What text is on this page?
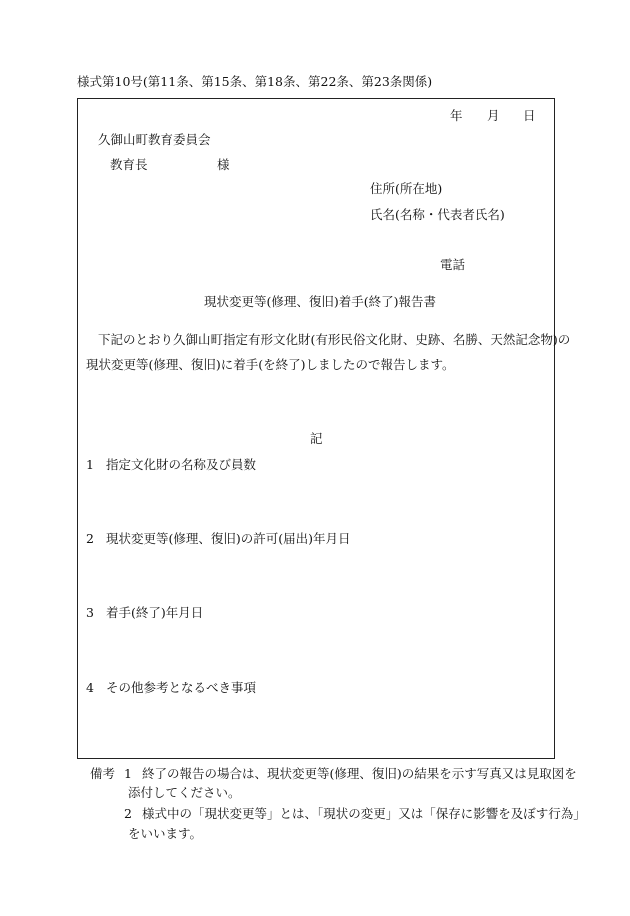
様式第10号(第11条、第15条、第18条、第22条、第23条関係)
年 月 日
久御山町教育委員会
教育長	様
住所(所在地)
氏名(名称・代表者氏名)
電話
現状変更等(修理、復旧)着手(終了)報告書
下記のとおり久御山町指定有形文化財(有形民俗文化財、史跡、名勝、天然記念物)の
現状変更等(修理、復旧)に着手(を終了)しましたので報告します。
記
1 指定文化財の名称及び員数
2 現状変更等(修理、復旧)の許可(届出)年月日
3 着手(終了)年月日
4 その他参考となるべき事項
備考 1 終了の報告の場合は、現状変更等(修理、復旧)の結果を示す写真又は見取図を
添付してください。
2 様式中の「現状変更等」とは、「現状の変更」又は「保存に影響を及ぼす行為」
をいいます。
